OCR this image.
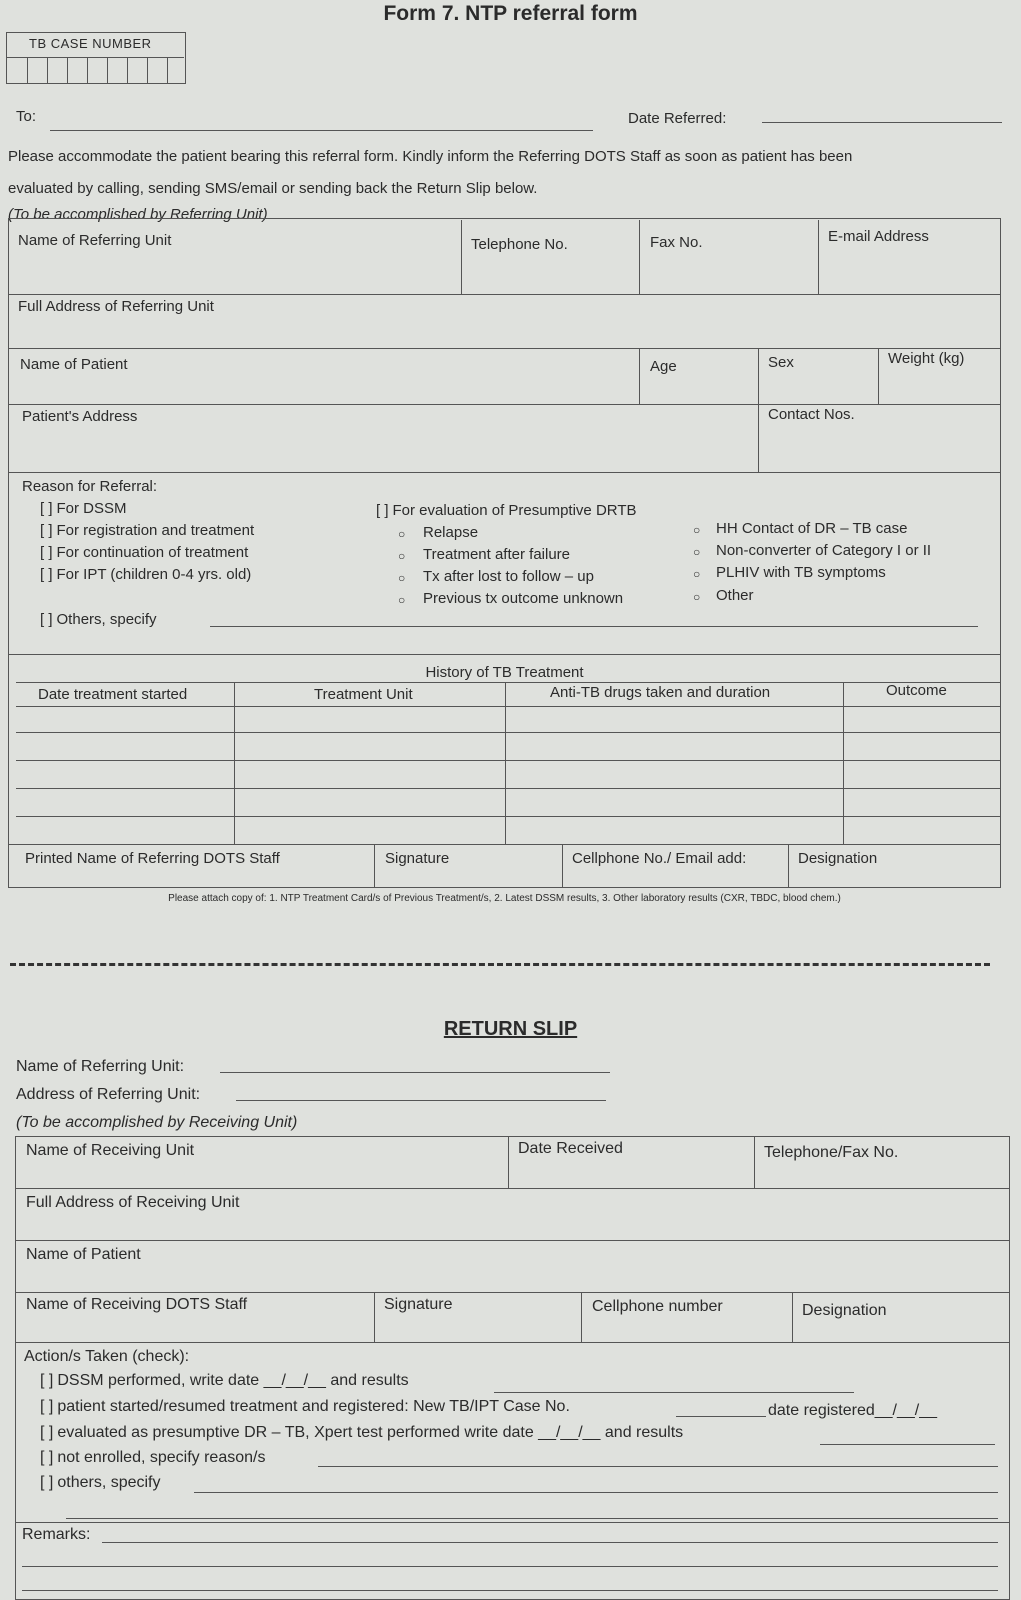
Form 7. NTP referral form
TB CASE NUMBER
To:	Date Referred:
Please accommodate the patient bearing this referral form. Kindly inform the Referring DOTS Staff as soon as patient has been
evaluated by calling, sending SMS/email or sending back the Return Slip below.
(To be accomplished by Referring Unit)
Name of Referring Unit	Telephone No.	Fax No.	E-mail Address
Full Address of Referring Unit
Name of Patient	Age	Sex	Weight (kg)
Patient's Address	Contact Nos.
Reason for Referral:
[ ] For DSSM
[ ] For registration and treatment
[ ] For continuation of treatment
[ ] For IPT (children 0-4 yrs. old)
[ ] Others, specify
[ ] For evaluation of Presumptive DRTB
○ Relapse
○ Treatment after failure
○ Tx after lost to follow – up
○ Previous tx outcome unknown
○ HH Contact of DR – TB case
○ Non-converter of Category I or II
○ PLHIV with TB symptoms
○ Other
History of TB Treatment
Date treatment started	Treatment Unit	Anti-TB drugs taken and duration	Outcome
Printed Name of Referring DOTS Staff	Signature	Cellphone No./ Email add:	Designation
Please attach copy of: 1. NTP Treatment Card/s of Previous Treatment/s, 2. Latest DSSM results, 3. Other laboratory results (CXR, TBDC, blood chem.)
RETURN SLIP
Name of Referring Unit:
Address of Referring Unit:
(To be accomplished by Receiving Unit)
Name of Receiving Unit	Date Received	Telephone/Fax No.
Full Address of Receiving Unit
Name of Patient
Name of Receiving DOTS Staff	Signature	Cellphone number	Designation
Action/s Taken (check):
[ ] DSSM performed, write date __/__/__ and results
[ ] patient started/resumed treatment and registered: New TB/IPT Case No.	date registered__/__/__
[ ] evaluated as presumptive DR – TB, Xpert test performed write date __/__/__ and results
[ ] not enrolled, specify reason/s
[ ] others, specify
Remarks:
